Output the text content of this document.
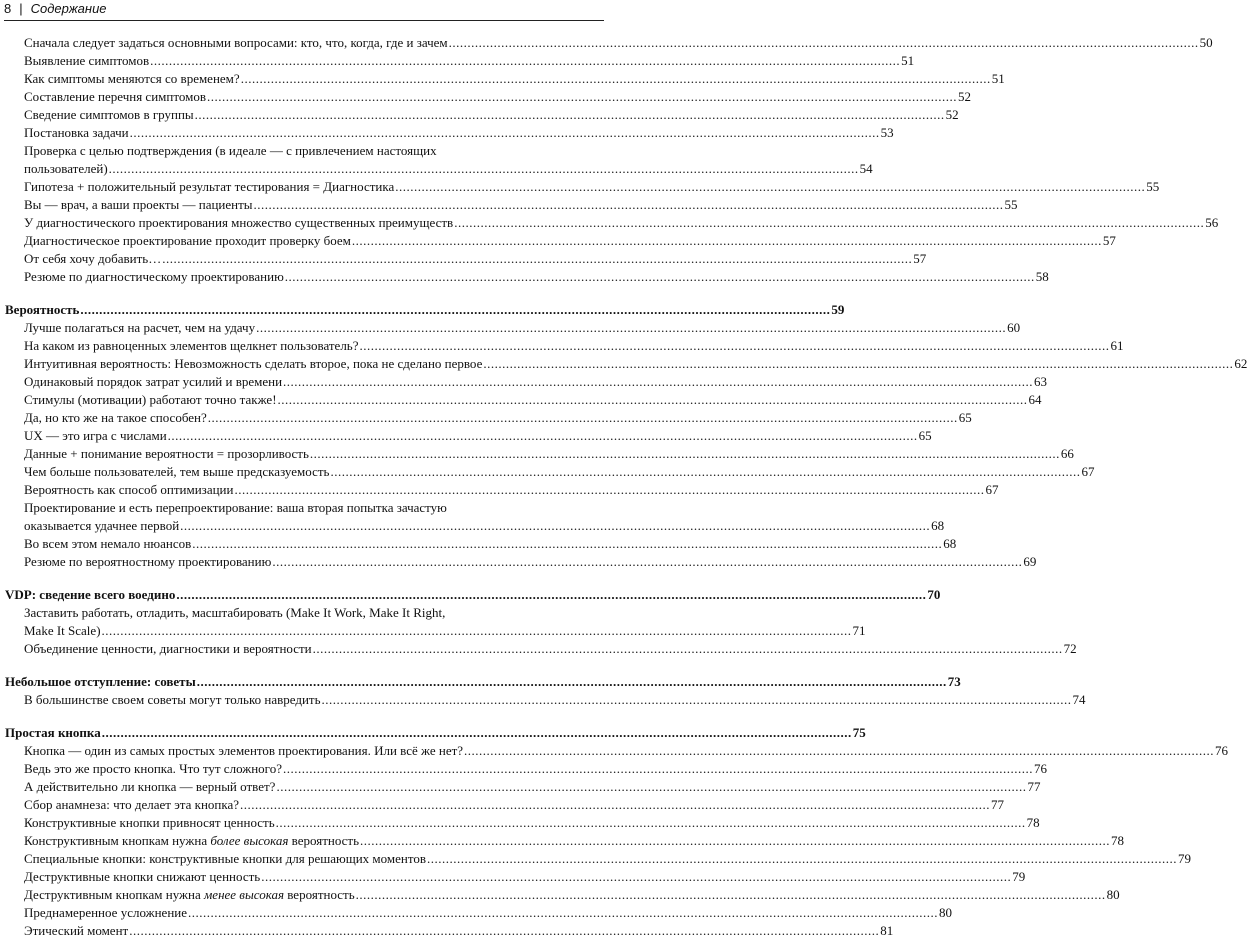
8 | Содержание
Сначала следует задаться основными вопросами: кто, что, когда, где и зачем .....	50
Выявление симптомов .....	51
Как симптомы меняются со временем? .....	51
Составление перечня симптомов .....	52
Сведение симптомов в группы .....	52
Постановка задачи .....	53
Проверка с целью подтверждения (в идеале — с привлечением настоящих
пользователей) .....	54
Гипотеза + положительный результат тестирования = Диагностика .....	55
Вы — врач, а ваши проекты — пациенты .....	55
У диагностического проектирования множество существенных преимуществ .....	56
Диагностическое проектирование проходит проверку боем .....	57
От себя хочу добавить… .....	57
Резюме по диагностическому проектированию .....	58
Вероятность .....	59
Лучше полагаться на расчет, чем на удачу .....	60
На каком из равноценных элементов щелкнет пользователь? .....	61
Интуитивная вероятность: Невозможность сделать второе, пока не сделано первое .....	62
Одинаковый порядок затрат усилий и времени .....	63
Стимулы (мотивации) работают точно также! .....	64
Да, но кто же на такое способен? .....	65
UX — это игра с числами .....	65
Данные + понимание вероятности = прозорливость .....	66
Чем больше пользователей, тем выше предсказуемость .....	67
Вероятность как способ оптимизации .....	67
Проектирование и есть перепроектирование: ваша вторая попытка зачастую
оказывается удачнее первой .....	68
Во всем этом немало нюансов .....	68
Резюме по вероятностному проектированию .....	69
VDP: сведение всего воедино .....	70
Заставить работать, отладить, масштабировать (Make It Work, Make It Right,
Make It Scale) .....	71
Объединение ценности, диагностики и вероятности .....	72
Небольшое отступление: советы .....	73
В большинстве своем советы могут только навредить .....	74
Простая кнопка .....	75
Кнопка — один из самых простых элементов проектирования. Или всё же нет? .....	76
Ведь это же просто кнопка. Что тут сложного? .....	76
А действительно ли кнопка — верный ответ? .....	77
Сбор анамнеза: что делает эта кнопка? .....	77
Конструктивные кнопки привносят ценность .....	78
Конструктивным кнопкам нужна более высокая вероятность .....	78
Специальные кнопки: конструктивные кнопки для решающих моментов .....	79
Деструктивные кнопки снижают ценность .....	79
Деструктивным кнопкам нужна менее высокая вероятность .....	80
Преднамеренное усложнение .....	80
Этический момент .....	81
